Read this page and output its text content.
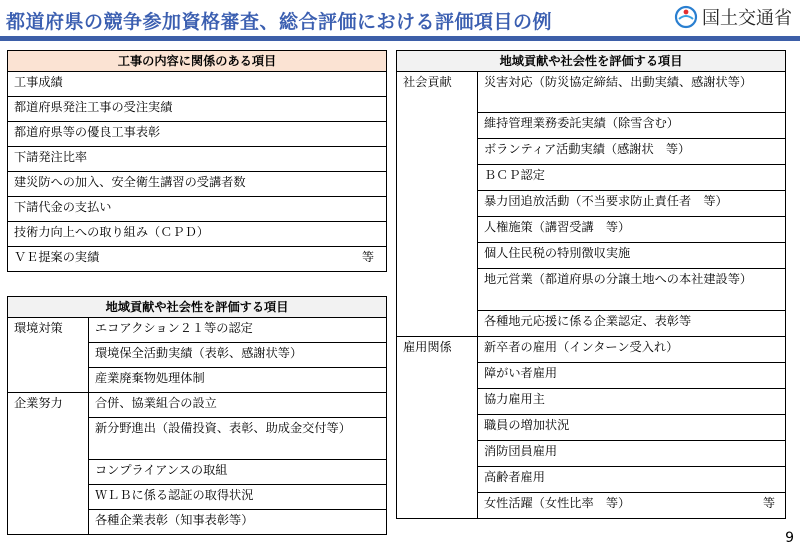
都道府県の競争参加資格審査、総合評価における評価項目の例	国土交通省
工事の内容に関係のある項目
工事成績
都道府県発注工事の受注実績
都道府県等の優良工事表彰
下請発注比率
建災防への加入、安全衛生講習の受講者数
下請代金の支払い
技術力向上への取り組み（ＣＰＤ）

ＶＥ提案の実績	等
地域貢献や社会性を評価する項目	
環境対策	エコアクション２１等の認定
	環境保全活動実績（表彰、感謝状等）
	産業廃棄物処理体制
企業努力	合併、協業組合の設立
	新分野進出（設備投資、表彰、助成金交付等）
	コンプライアンスの取組
	ＷＬＢに係る認証の取得状況
	各種企業表彰（知事表彰等）
地域貢献や社会性を評価する項目	
社会貢献	災害対応（防災協定締結、出動実績、感謝状等）
	維持管理業務委託実績（除雪含む）
	ボランティア活動実績（感謝状　等）
	ＢＣＰ認定
	暴力団追放活動（不当要求防止責任者　等）
	人権施策（講習受講　等）
	個人住民税の特別徴収実施
	地元営業（都道府県の分譲土地への本社建設等）
	各種地元応援に係る企業認定、表彰等
雇用関係	新卒者の雇用（インターン受入れ）
	障がい者雇用
	協力雇用主
	職員の増加状況
	消防団員雇用
	高齢者雇用

	女性活躍（女性比率　等） 等
9
